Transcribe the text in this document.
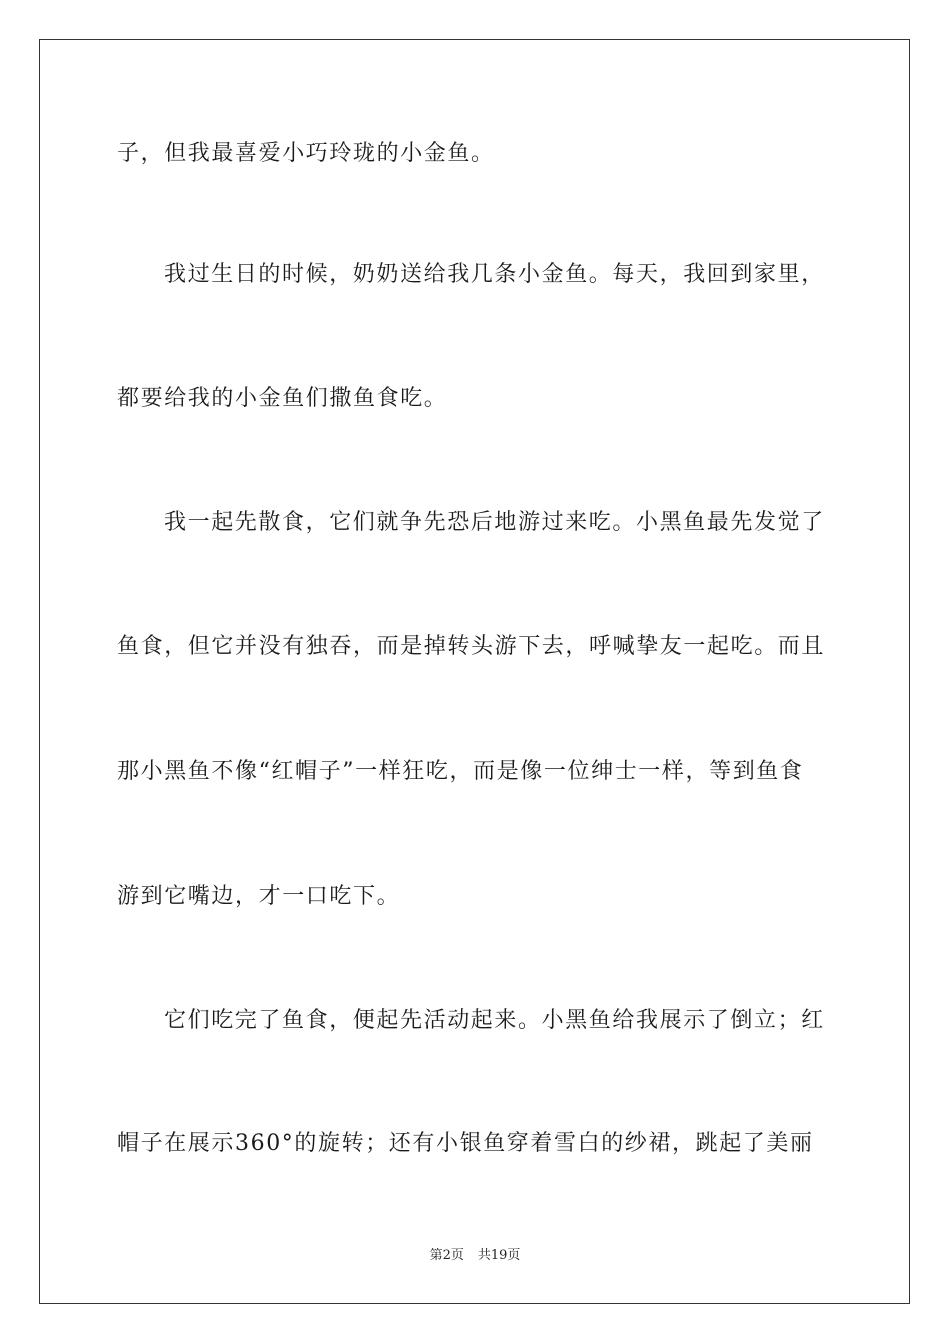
子，但我最喜爱小巧玲珑的小金鱼。
我过生日的时候，奶奶送给我几条小金鱼。每天，我回到家里，
都要给我的小金鱼们撒鱼食吃。
我一起先散食，它们就争先恐后地游过来吃。小黑鱼最先发觉了
鱼食，但它并没有独吞，而是掉转头游下去，呼喊挚友一起吃。而且
那小黑鱼不像“红帽子”一样狂吃，而是像一位绅士一样，等到鱼食
游到它嘴边，才一口吃下。
它们吃完了鱼食，便起先活动起来。小黑鱼给我展示了倒立；红
帽子在展示360°的旋转；还有小银鱼穿着雪白的纱裙，跳起了美丽
第2页 共19页
